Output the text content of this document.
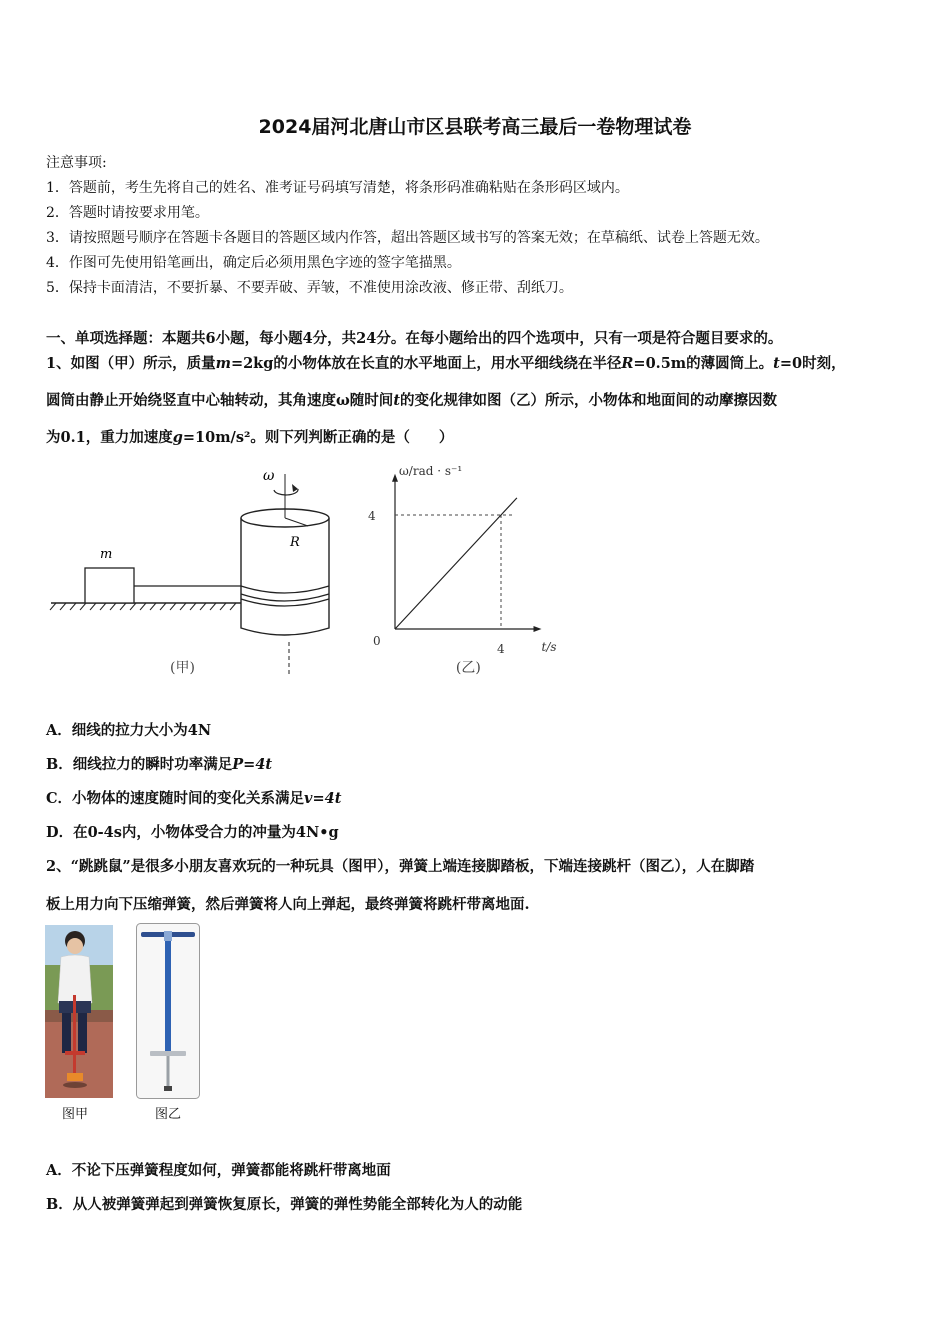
2024届河北唐山市区县联考高三最后一卷物理试卷
注意事项:
1．答题前，考生先将自己的姓名、准考证号码填写清楚，将条形码准确粘贴在条形码区域内。
2．答题时请按要求用笔。
3．请按照题号顺序在答题卡各题目的答题区域内作答，超出答题区域书写的答案无效；在草稿纸、试卷上答题无效。
4．作图可先使用铅笔画出，确定后必须用黑色字迹的签字笔描黑。
5．保持卡面清洁，不要折暴、不要弄破、弄皱，不准使用涂改液、修正带、刮纸刀。
一、单项选择题：本题共6小题，每小题4分，共24分。在每小题给出的四个选项中，只有一项是符合题目要求的。
1、如图（甲）所示，质量m=2kg的小物体放在长直的水平地面上，用水平细线绕在半径R=0.5m的薄圆筒上。t=0时刻，
圆筒由静止开始绕竖直中心轴转动，其角速度ω随时间t的变化规律如图（乙）所示，小物体和地面间的动摩擦因数
为0.1，重力加速度g=10m/s²。则下列判断正确的是（　　）
m
ω
R
(甲)
ω/rad · s⁻¹
t/s
0
4
4
(乙)
A．细线的拉力大小为4N
B．细线拉力的瞬时功率满足P=4t
C．小物体的速度随时间的变化关系满足v=4t
D．在0-4s内，小物体受合力的冲量为4N•g
2、“跳跳鼠”是很多小朋友喜欢玩的一种玩具（图甲），弹簧上端连接脚踏板，下端连接跳杆（图乙），人在脚踏
板上用力向下压缩弹簧，然后弹簧将人向上弹起，最终弹簧将跳杆带离地面.
图甲	图乙
A．不论下压弹簧程度如何，弹簧都能将跳杆带离地面
B．从人被弹簧弹起到弹簧恢复原长，弹簧的弹性势能全部转化为人的动能
